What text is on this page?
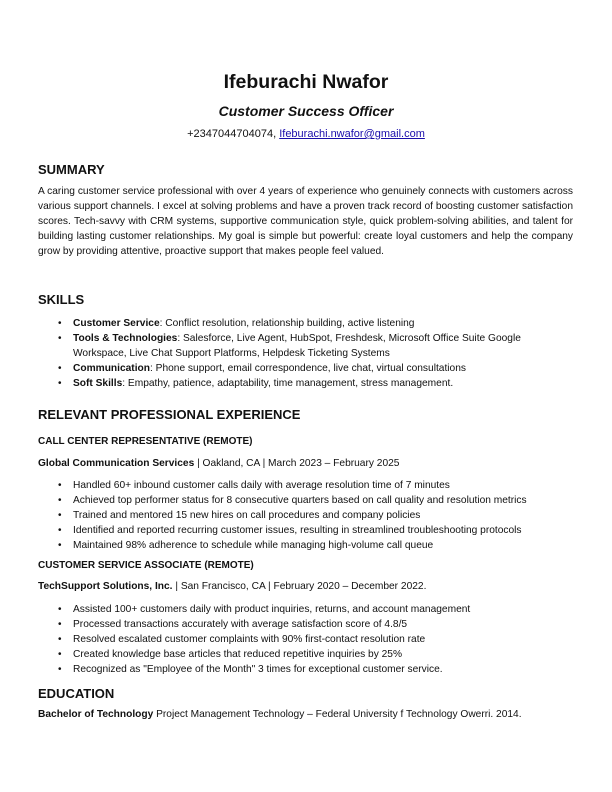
Ifeburachi Nwafor
Customer Success Officer
+2347044704074, Ifeburachi.nwafor@gmail.com
SUMMARY
A caring customer service professional with over 4 years of experience who genuinely connects with customers across various support channels. I excel at solving problems and have a proven track record of boosting customer satisfaction scores. Tech-savvy with CRM systems, supportive communication style, quick problem-solving abilities, and talent for building lasting customer relationships. My goal is simple but powerful: create loyal customers and help the company grow by providing attentive, proactive support that makes people feel valued.
SKILLS
• Customer Service: Conflict resolution, relationship building, active listening
• Tools & Technologies: Salesforce, Live Agent, HubSpot, Freshdesk, Microsoft Office Suite Google Workspace, Live Chat Support Platforms, Helpdesk Ticketing Systems
• Communication: Phone support, email correspondence, live chat, virtual consultations
• Soft Skills: Empathy, patience, adaptability, time management, stress management.
RELEVANT PROFESSIONAL EXPERIENCE
CALL CENTER REPRESENTATIVE (REMOTE)
Global Communication Services | Oakland, CA | March 2023 – February 2025
• Handled 60+ inbound customer calls daily with average resolution time of 7 minutes
• Achieved top performer status for 8 consecutive quarters based on call quality and resolution metrics
• Trained and mentored 15 new hires on call procedures and company policies
• Identified and reported recurring customer issues, resulting in streamlined troubleshooting protocols
• Maintained 98% adherence to schedule while managing high-volume call queue
CUSTOMER SERVICE ASSOCIATE (REMOTE)
TechSupport Solutions, Inc. | San Francisco, CA | February 2020 – December 2022.
• Assisted 100+ customers daily with product inquiries, returns, and account management
• Processed transactions accurately with average satisfaction score of 4.8/5
• Resolved escalated customer complaints with 90% first-contact resolution rate
• Created knowledge base articles that reduced repetitive inquiries by 25%
• Recognized as "Employee of the Month" 3 times for exceptional customer service.
EDUCATION
Bachelor of Technology Project Management Technology – Federal University f Technology Owerri. 2014.
